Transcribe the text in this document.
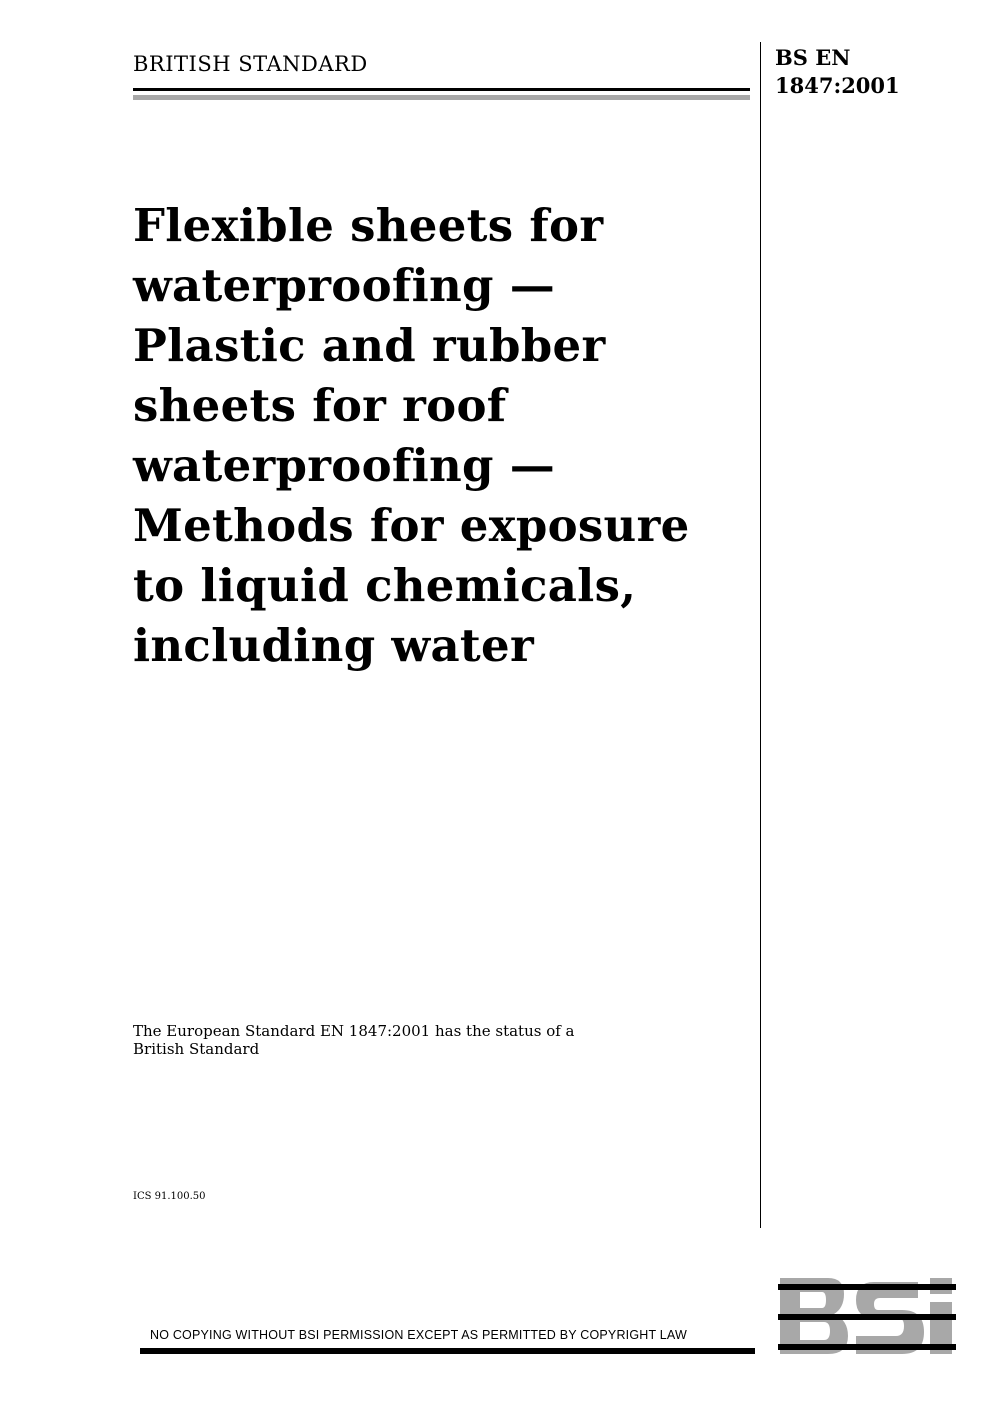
BRITISH STANDARD	BS EN
1847:2001
Flexible sheets for
waterproofing —
Plastic and rubber
sheets for roof
waterproofing —
Methods for exposure
to liquid chemicals,
including water
The European Standard EN 1847:2001 has the status of a
British Standard
ICS 91.100.50
NO COPYING WITHOUT BSI PERMISSION EXCEPT AS PERMITTED BY COPYRIGHT LAW
